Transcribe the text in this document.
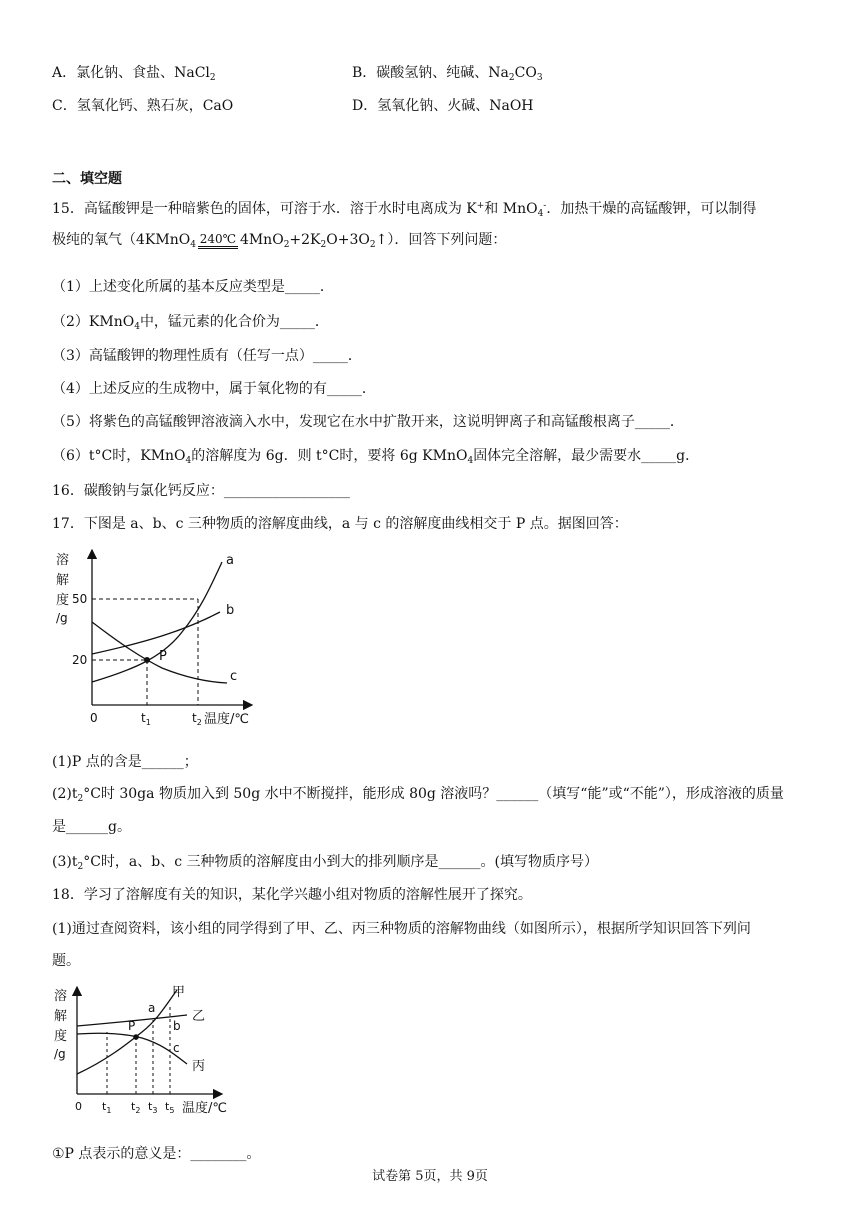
A．氯化钠、食盐、NaCl$_2$	B．碳酸氢钠、纯碱、$Na_2CO_3$
C．氢氧化钙、熟石灰，CaO	D．氢氧化钠、火碱、NaOH
二、填空题
15．高锰酸钾是一种暗紫色的固体，可溶于水．溶于水时电离成为 K+和 MnO$_4$-．加热干燥的高锰酸钾，可以制得
极纯的氧气（4KMnO$_4$ 240℃ $4MnO_2+2K_2O+3O_2↑$）．回答下列问题：
（1）上述变化所属的基本反应类型是_____．
（2）KMnO$_4$中，锰元素的化合价为_____．
（3）高锰酸钾的物理性质有（任写一点）_____．
（4）上述反应的生成物中，属于氧化物的有_____．
（5）将紫色的高锰酸钾溶液滴入水中，发现它在水中扩散开来，这说明钾离子和高锰酸根离子_____．
（6）t°C时，KMnO$_4$的溶解度为 6g．则 t°C时，要将 6g KMnO$_4$固体完全溶解，最少需要水_____g．
16．碳酸钠与氯化钙反应：__________________
17．下图是 a、b、c 三种物质的溶解度曲线，a 与 c 的溶解度曲线相交于 P 点。据图回答：
溶
解
度
/g
50
20	P
a
b
c
0	$t_1$	$t_2$ 温度/℃
(1)P 点的含是______；
$(2)t_2^\circ C$时 30ga 物质加入到 50g 水中不断搅拌，能形成 80g 溶液吗？______（填写“能”或“不能”），形成溶液的质量
是______g。
$(3)t_2^\circ C$时，a、b、c 三种物质的溶解度由小到大的排列顺序是______。(填写物质序号）
18．学习了溶解度有关的知识，某化学兴趣小组对物质的溶解性展开了探究。
(1)通过查阅资料，该小组的同学得到了甲、乙、丙三种物质的溶解物曲线（如图所示），根据所学知识回答下列问
题。
溶
解
度
/g
P
a
b
c
甲
乙
丙
0 $t_1$ $t_2$ $t_3$ $t_5$ 温度/℃
①P 点表示的意义是：________。
试卷第 5页，共 9页
